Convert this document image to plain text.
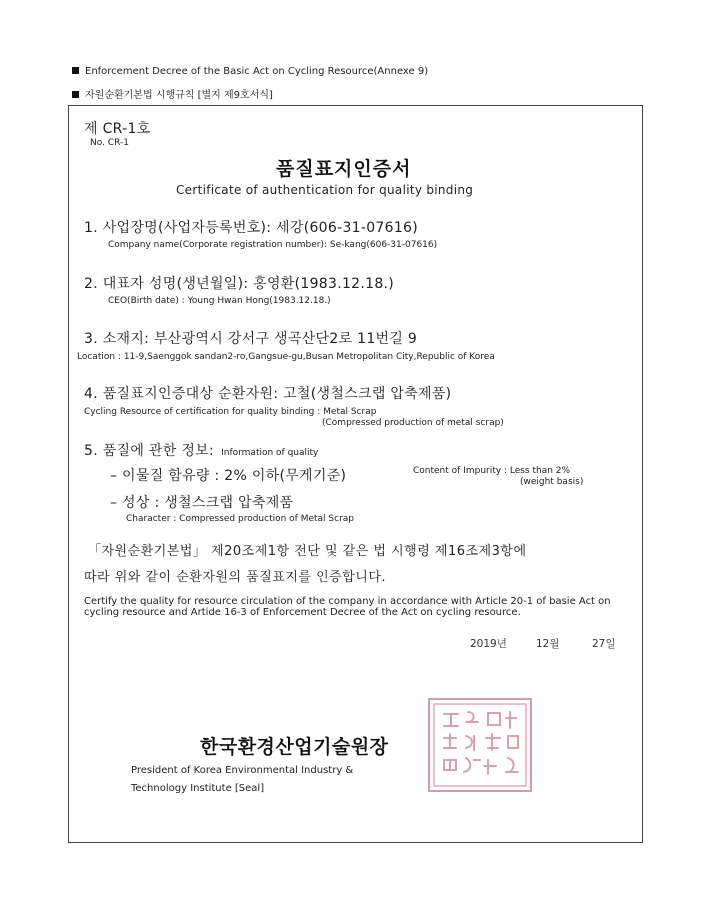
Enforcement Decree of the Basic Act on Cycling Resource(Annexe 9)
자원순환기본법 시행규칙 [별지 제9호서식]
제 CR-1호
No. CR-1
품질표지인증서
Certificate of authentication for quality binding
1. 사업장명(사업자등록번호): 세강(606-31-07616)
Company name(Corporate registration number): Se-kang(606-31-07616)
2. 대표자 성명(생년월일): 홍영환(1983.12.18.)
CEO(Birth date) : Young Hwan Hong(1983.12.18.)
3. 소재지: 부산광역시 강서구 생곡산단2로 11번길 9
Location : 11-9,Saenggok sandan2-ro,Gangsue-gu,Busan Metropolitan City,Republic of Korea
4. 품질표지인증대상 순환자원: 고철(생철스크랩 압축제품)
Cycling Resource of certification for quality binding : Metal Scrap
(Compressed production of metal scrap)
5. 품질에 관한 정보: Information of quality
– 이물질 함유량 : 2% 이하(무게기준)	Content of Impurity : Less than 2%
(weight basis)
– 성상 : 생철스크랩 압축제품
Character : Compressed production of Metal Scrap
「자원순환기본법」 제20조제1항 전단 및 같은 법 시행령 제16조제3항에
따라 위와 같이 순환자원의 품질표지를 인증합니다.
Certify the quality for resource circulation of the company in accordance with Article 20-1 of basie Act on cycling resource and Artide 16-3 of Enforcement Decree of the Act on cycling resource.
2019년	12월	27일
한국환경산업기술원장
President of Korea Environmental Industry &
Technology Institute [Seal]
